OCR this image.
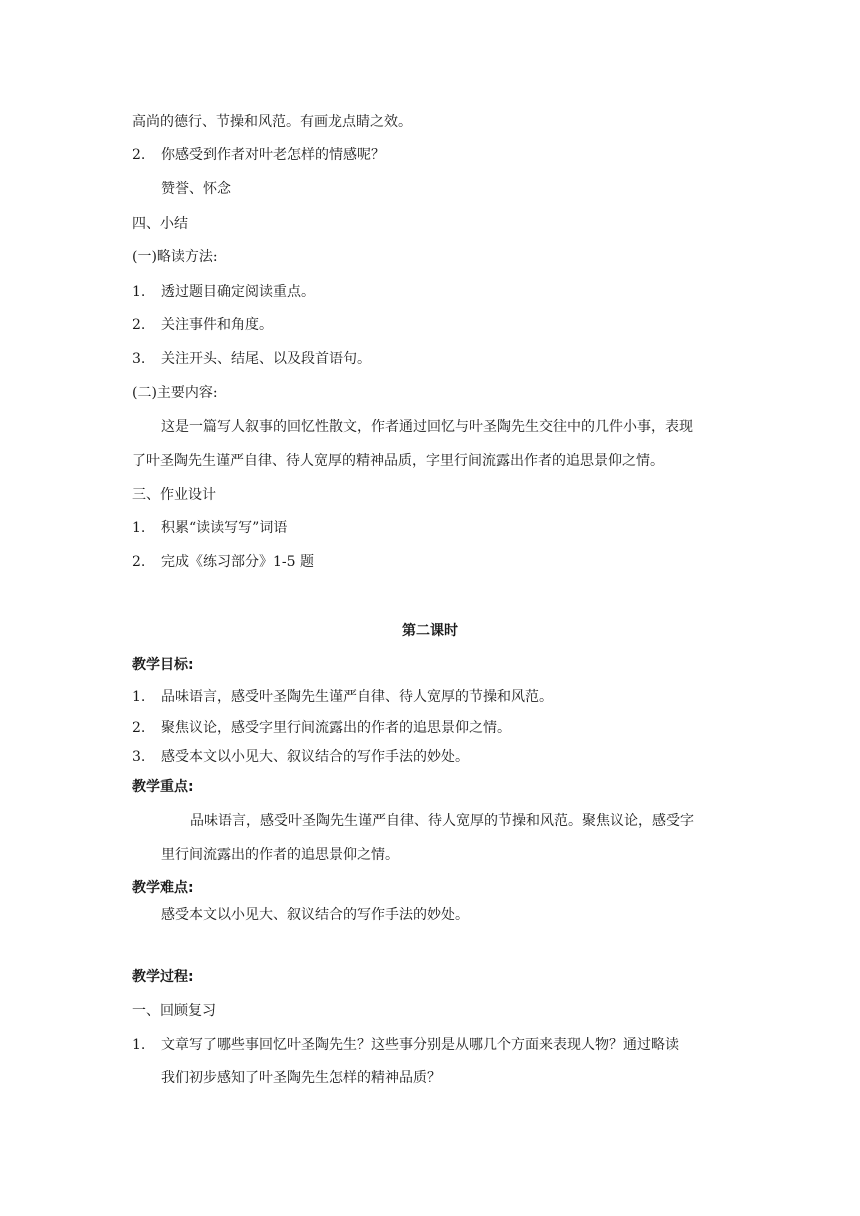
高尚的德行、节操和风范。有画龙点睛之效。
2. 你感受到作者对叶老怎样的情感呢？
赞誉、怀念
四、小结
(一)略读方法:
1. 透过题目确定阅读重点。
2. 关注事件和角度。
3. 关注开头、结尾、以及段首语句。
(二)主要内容:
这是一篇写人叙事的回忆性散文，作者通过回忆与叶圣陶先生交往中的几件小事，表现
了叶圣陶先生谨严自律、待人宽厚的精神品质，字里行间流露出作者的追思景仰之情。
三、作业设计
1. 积累“读读写写”词语
2. 完成《练习部分》1-5 题
第二课时
教学目标:
1. 品味语言，感受叶圣陶先生谨严自律、待人宽厚的节操和风范。
2. 聚焦议论，感受字里行间流露出的作者的追思景仰之情。
3. 感受本文以小见大、叙议结合的写作手法的妙处。
教学重点:
品味语言，感受叶圣陶先生谨严自律、待人宽厚的节操和风范。聚焦议论，感受字
里行间流露出的作者的追思景仰之情。
教学难点:
感受本文以小见大、叙议结合的写作手法的妙处。
教学过程:
一、回顾复习
1. 文章写了哪些事回忆叶圣陶先生？这些事分别是从哪几个方面来表现人物？通过略读
我们初步感知了叶圣陶先生怎样的精神品质？
